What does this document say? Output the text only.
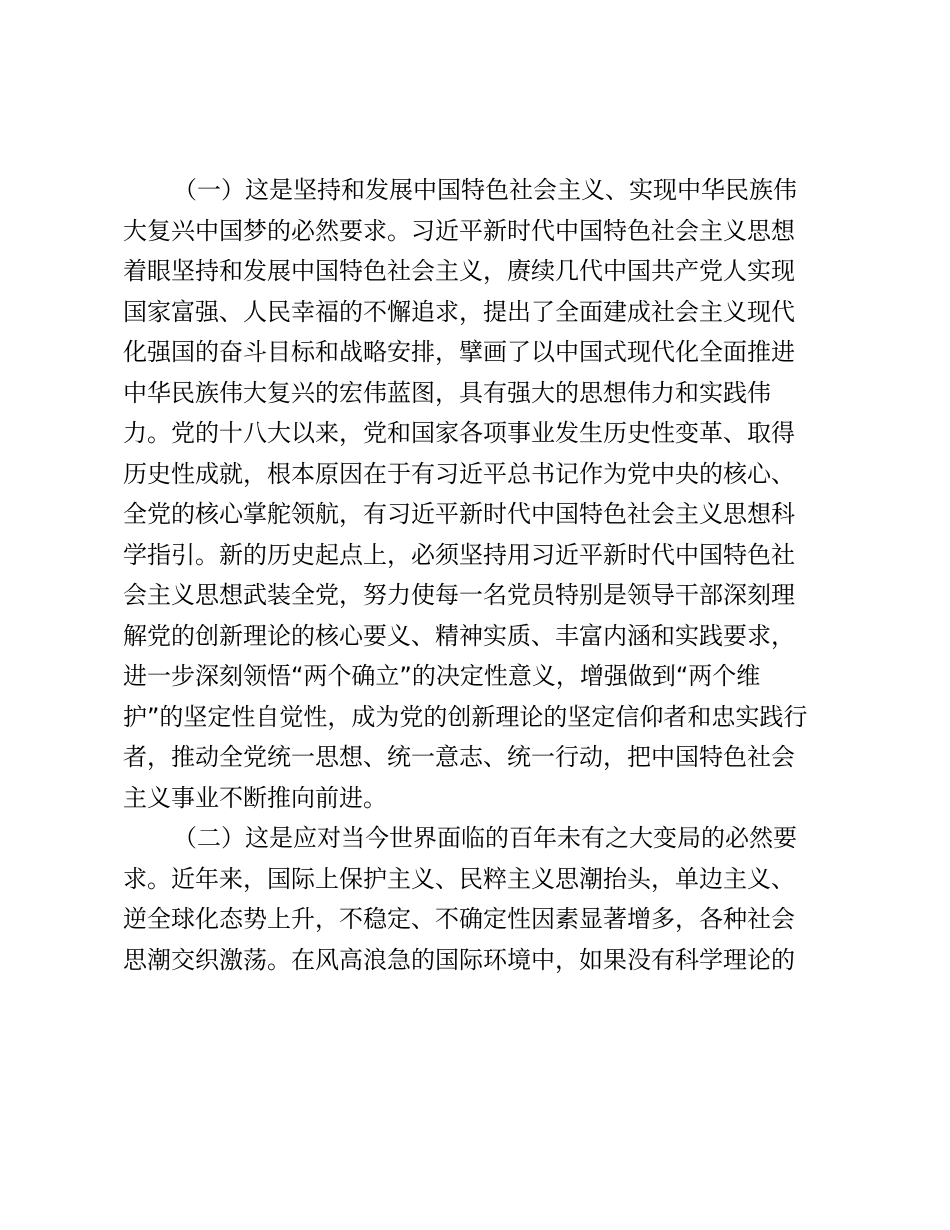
（一）这是坚持和发展中国特色社会主义、实现中华民族伟
大复兴中国梦的必然要求。习近平新时代中国特色社会主义思想
着眼坚持和发展中国特色社会主义，赓续几代中国共产党人实现
国家富强、人民幸福的不懈追求，提出了全面建成社会主义现代
化强国的奋斗目标和战略安排，擘画了以中国式现代化全面推进
中华民族伟大复兴的宏伟蓝图，具有强大的思想伟力和实践伟
力。党的十八大以来，党和国家各项事业发生历史性变革、取得
历史性成就，根本原因在于有习近平总书记作为党中央的核心、
全党的核心掌舵领航，有习近平新时代中国特色社会主义思想科
学指引。新的历史起点上，必须坚持用习近平新时代中国特色社
会主义思想武装全党，努力使每一名党员特别是领导干部深刻理
解党的创新理论的核心要义、精神实质、丰富内涵和实践要求，
进一步深刻领悟“两个确立”的决定性意义，增强做到“两个维
护”的坚定性自觉性，成为党的创新理论的坚定信仰者和忠实践行
者，推动全党统一思想、统一意志、统一行动，把中国特色社会
主义事业不断推向前进。
（二）这是应对当今世界面临的百年未有之大变局的必然要
求。近年来，国际上保护主义、民粹主义思潮抬头，单边主义、
逆全球化态势上升，不稳定、不确定性因素显著增多，各种社会
思潮交织激荡。在风高浪急的国际环境中，如果没有科学理论的
